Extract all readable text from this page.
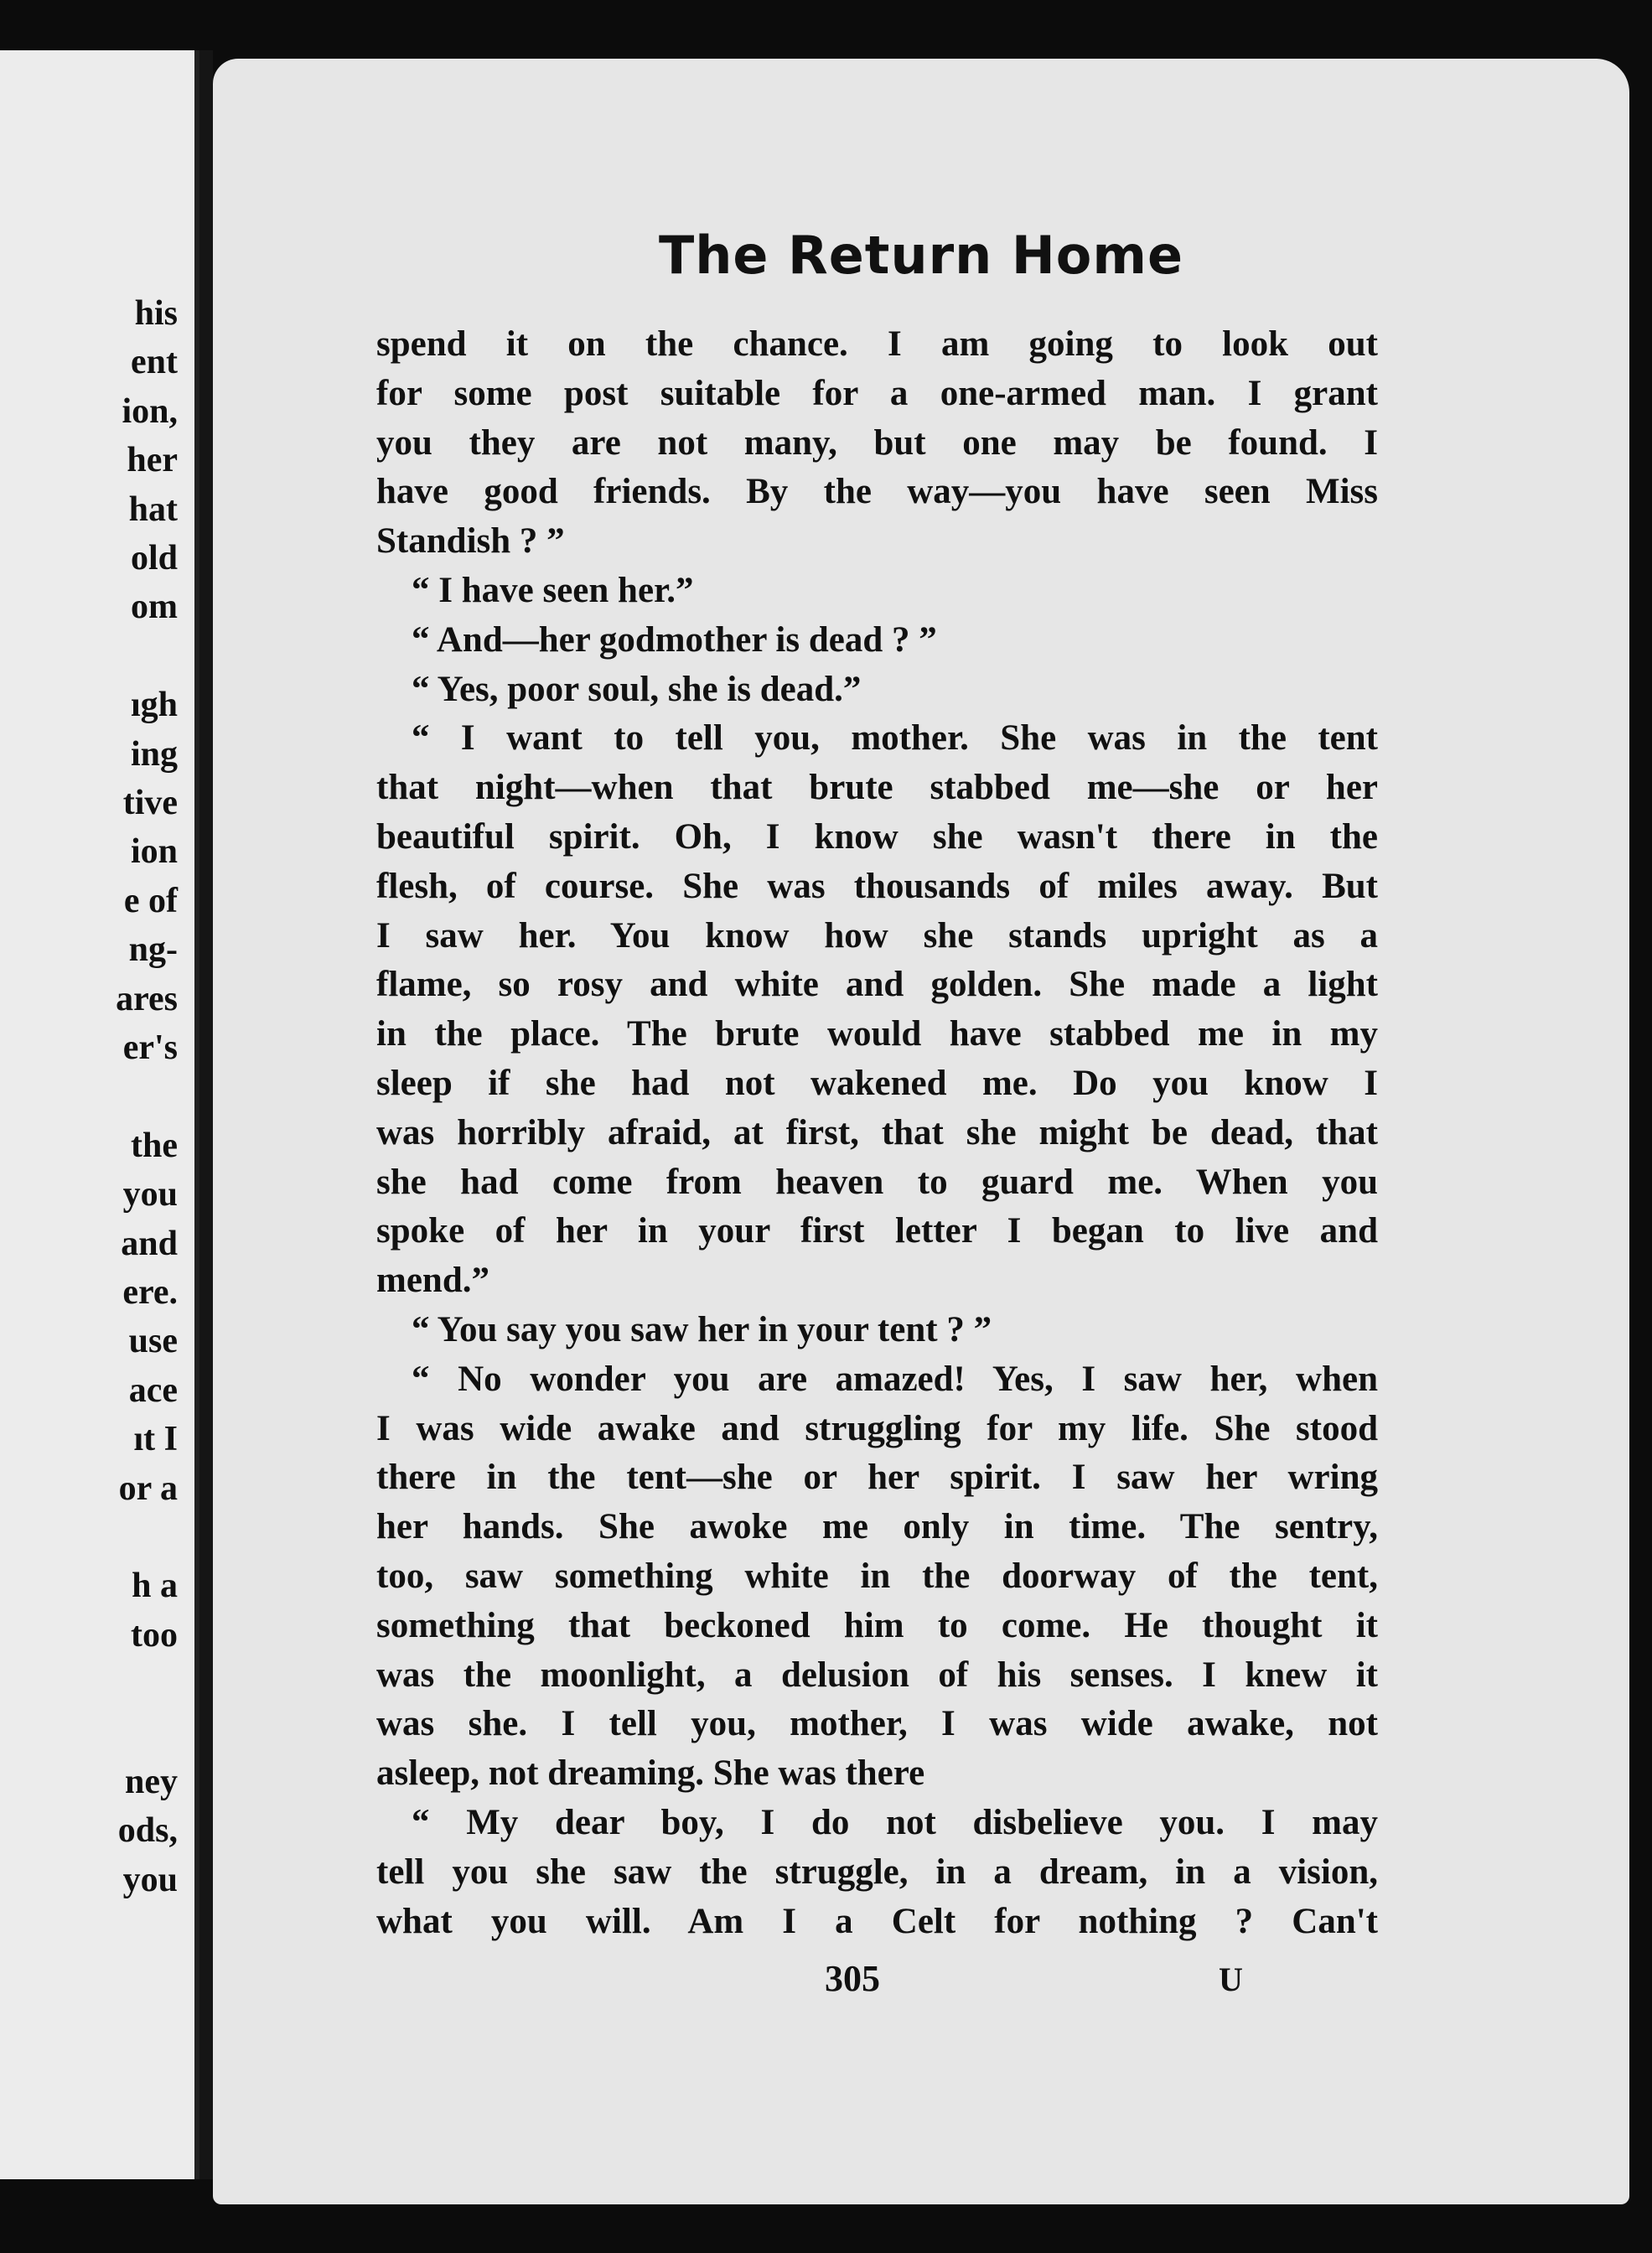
his

ent

ion,

her

hat

old

om

ıgh

ing

tive

ion

e of

ng-

ares

er's

the

you

and

ere.

use

ace

ıt I

or a

h a

too

ney

ods,

you

The Return Home
spend it on the chance. I am going to look out
for some post suitable for a one-armed man. I grant
you they are not many, but one may be found. I
have good friends. By the way—you have seen Miss
Standish ? ”
“ I have seen her.”
“ And—her godmother is dead ? ”
“ Yes, poor soul, she is dead.”
“ I want to tell you, mother. She was in the tent
that night—when that brute stabbed me—she or her
beautiful spirit. Oh, I know she wasn't there in the
flesh, of course. She was thousands of miles away. But
I saw her. You know how she stands upright as a
flame, so rosy and white and golden. She made a light
in the place. The brute would have stabbed me in my
sleep if she had not wakened me. Do you know I
was horribly afraid, at first, that she might be dead, that
she had come from heaven to guard me. When you
spoke of her in your first letter I began to live and
mend.”
“ You say you saw her in your tent ? ”
“ No wonder you are amazed! Yes, I saw her, when
I was wide awake and struggling for my life. She stood
there in the tent—she or her spirit. I saw her wring
her hands. She awoke me only in time. The sentry,
too, saw something white in the doorway of the tent,
something that beckoned him to come. He thought it
was the moonlight, a delusion of his senses. I knew it
was she. I tell you, mother, I was wide awake, not
asleep, not dreaming. She was there
“ My dear boy, I do not disbelieve you. I may
tell you she saw the struggle, in a dream, in a vision,
what you will. Am I a Celt for nothing ? Can't

305	U
